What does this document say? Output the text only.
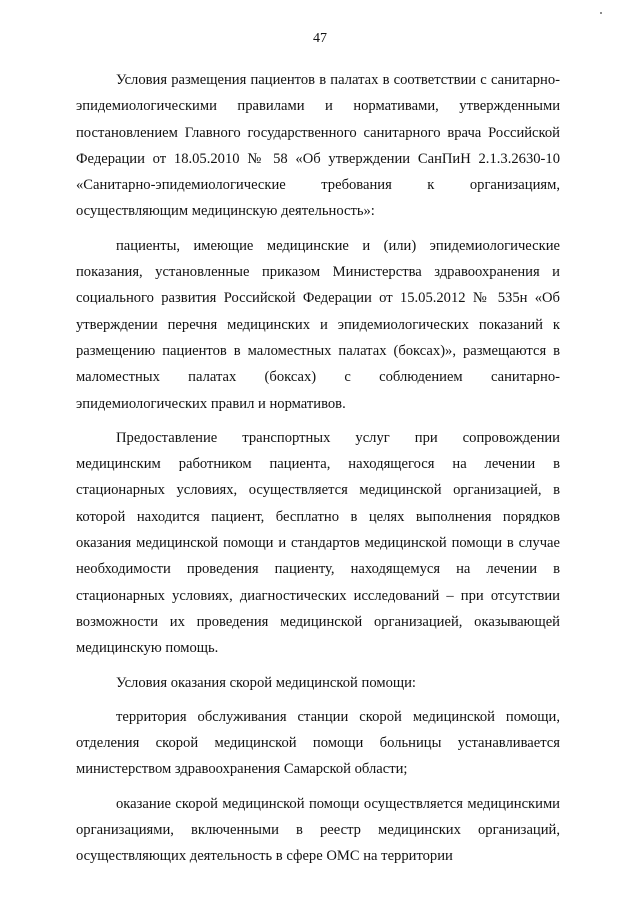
47

Условия размещения пациентов в палатах в соответствии с санитарно-эпидемиологическими правилами и нормативами, утвержденными постановлением Главного государственного санитарного врача Российской Федерации от 18.05.2010 № 58 «Об утверждении СанПиН 2.1.3.2630-10 «Санитарно-эпидемиологические требования к организациям, осуществляющим медицинскую деятельность»:

пациенты, имеющие медицинские и (или) эпидемиологические показания, установленные приказом Министерства здравоохранения и социального развития Российской Федерации от 15.05.2012 № 535н «Об утверждении перечня медицинских и эпидемиологических показаний к размещению пациентов в маломестных палатах (боксах)», размещаются в маломестных палатах (боксах) с соблюдением санитарно-эпидемиологических правил и нормативов.

Предоставление транспортных услуг при сопровождении медицинским работником пациента, находящегося на лечении в стационарных условиях, осуществляется медицинской организацией, в которой находится пациент, бесплатно в целях выполнения порядков оказания медицинской помощи и стандартов медицинской помощи в случае необходимости проведения пациенту, находящемуся на лечении в стационарных условиях, диагностических исследований – при отсутствии возможности их проведения медицинской организацией, оказывающей медицинскую помощь.

Условия оказания скорой медицинской помощи:

территория обслуживания станции скорой медицинской помощи, отделения скорой медицинской помощи больницы устанавливается министерством здравоохранения Самарской области;

оказание скорой медицинской помощи осуществляется медицинскими организациями, включенными в реестр медицинских организаций, осуществляющих деятельность в сфере ОМС на территории
